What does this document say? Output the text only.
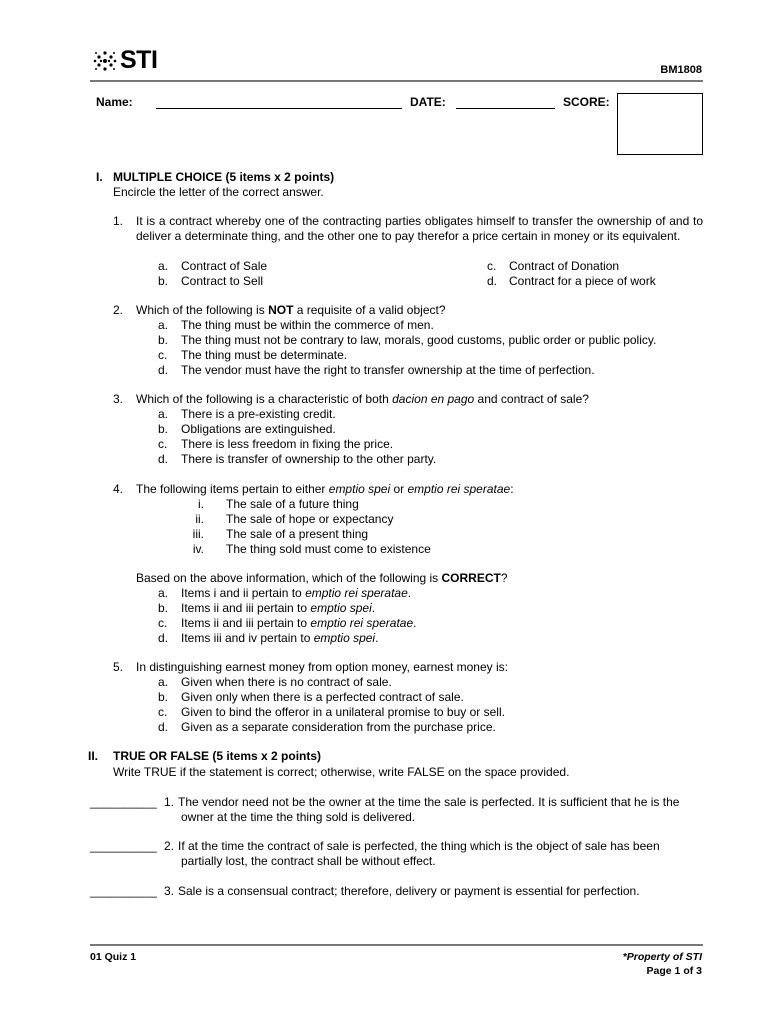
STI	BM1808
Name:	DATE:	SCORE:
I. MULTIPLE CHOICE (5 items x 2 points)
Encircle the letter of the correct answer.
1. It is a contract whereby one of the contracting parties obligates himself to transfer the ownership of and to deliver a determinate thing, and the other one to pay therefor a price certain in money or its equivalent.
a. Contract of Sale
b. Contract to Sell
c. Contract of Donation
d. Contract for a piece of work
2. Which of the following is NOT a requisite of a valid object?
a. The thing must be within the commerce of men.
b. The thing must not be contrary to law, morals, good customs, public order or public policy.
c. The thing must be determinate.
d. The vendor must have the right to transfer ownership at the time of perfection.
3. Which of the following is a characteristic of both dacion en pago and contract of sale?
a. There is a pre-existing credit.
b. Obligations are extinguished.
c. There is less freedom in fixing the price.
d. There is transfer of ownership to the other party.
4. The following items pertain to either emptio spei or emptio rei speratae:
i. The sale of a future thing
ii. The sale of hope or expectancy
iii. The sale of a present thing
iv. The thing sold must come to existence
Based on the above information, which of the following is CORRECT?
a. Items i and ii pertain to emptio rei speratae.
b. Items ii and iii pertain to emptio spei.
c. Items ii and iii pertain to emptio rei speratae.
d. Items iii and iv pertain to emptio spei.
5. In distinguishing earnest money from option money, earnest money is:
a. Given when there is no contract of sale.
b. Given only when there is a perfected contract of sale.
c. Given to bind the offeror in a unilateral promise to buy or sell.
d. Given as a separate consideration from the purchase price.
II. TRUE OR FALSE (5 items x 2 points)
Write TRUE if the statement is correct; otherwise, write FALSE on the space provided.
__________ 1. The vendor need not be the owner at the time the sale is perfected. It is sufficient that he is the
owner at the time the thing sold is delivered.
__________ 2. If at the time the contract of sale is perfected, the thing which is the object of sale has been
partially lost, the contract shall be without effect.
__________ 3. Sale is a consensual contract; therefore, delivery or payment is essential for perfection.
01 Quiz 1	*Property of STI
Page 1 of 3
